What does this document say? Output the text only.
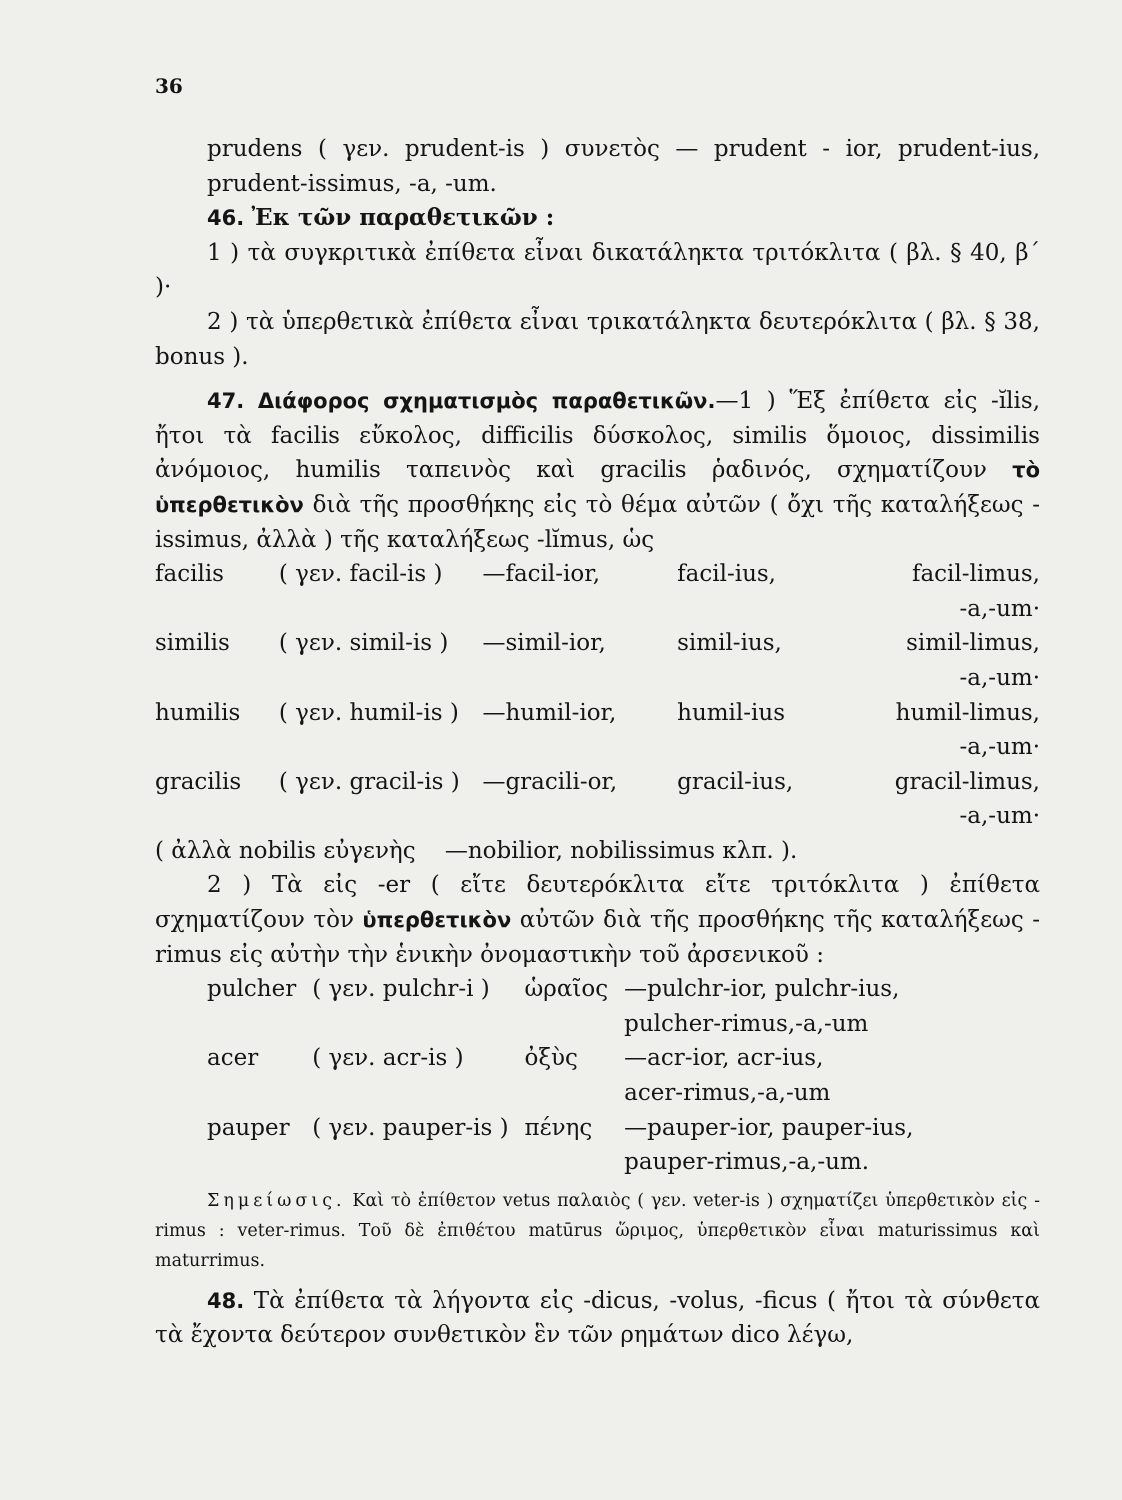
36

prudens ( γεν. prudent-is ) συνετὸς — prudent - ior, prudent-ius, prudent-issimus, -a, -um.

46. Ἐκ τῶν παραθετικῶν :

1 ) τὰ συγκριτικὰ ἐπίθετα εἶναι δικατάληκτα τριτόκλιτα ( βλ. § 40, β΄ )·

2 ) τὰ ὑπερθετικὰ ἐπίθετα εἶναι τρικατάληκτα δευτερόκλιτα ( βλ. § 38, bonus ).

47. Διάφορος σχηματισμὸς παραθετικῶν.—1 ) Ἕξ ἐπίθετα εἰς -ĭlis, ἤτοι τὰ facilis εὔκολος, difficilis δύσκολος, similis ὅμοιος, dissimilis ἀνόμοιος, humilis ταπεινὸς καὶ gracilis ῥαδινός, σχηματίζουν τὸ ὑπερθετικὸν διὰ τῆς προσθήκης εἰς τὸ θέμα αὐτῶν ( ὄχι τῆς καταλήξεως -issimus, ἀλλὰ ) τῆς καταλήξεως -lĭmus, ὡς

facilis	( γεν. facil-is )	—facil-ior,	facil-ius,	facil-limus,
-a,-um·				
similis	( γεν. simil-is )	—simil-ior,	simil-ius,	simil-limus,
-a,-um·				
humilis	( γεν. humil-is )	—humil-ior,	humil-ius	humil-limus,
-a,-um·				
gracilis	( γεν. gracil-is )	—gracili-or,	gracil-ius,	gracil-limus,
-a,-um·				

( ἀλλὰ nobilis εὐγενὴς    —nobilior, nobilissimus κλπ. ).

2 ) Τὰ εἰς -er ( εἴτε δευτερόκλιτα εἴτε τριτόκλιτα ) ἐπίθετα σχηματίζουν τὸν ὑπερθετικὸν αὐτῶν διὰ τῆς προσθήκης τῆς καταλήξεως -rimus εἰς αὐτὴν τὴν ἑνικὴν ὀνομαστικὴν τοῦ ἀρσενικοῦ :

pulcher	( γεν. pulchr-i )	ὡραῖος	—pulchr-ior, pulchr-ius,
			pulcher-rimus,-a,-um
acer	( γεν. acr-is )	ὀξὺς	—acr-ior, acr-ius,
			acer-rimus,-a,-um
pauper	( γεν. pauper-is )	πένης	—pauper-ior, pauper-ius,
			pauper-rimus,-a,-um.

Σημείωσις. Καὶ τὸ ἐπίθετον vetus παλαιὸς ( γεν. veter-is ) σχηματίζει ὑπερθετικὸν εἰς -rimus : veter-rimus. Τοῦ δὲ ἐπιθέτου matūrus ὥριμος, ὑπερθετικὸν εἶναι maturissimus καὶ maturrimus.

48. Τὰ ἐπίθετα τὰ λήγοντα εἰς -dicus, -volus, -ficus ( ἤτοι τὰ σύνθετα τὰ ἔχοντα δεύτερον συνθετικὸν ἓν τῶν ρημάτων dico λέγω,
